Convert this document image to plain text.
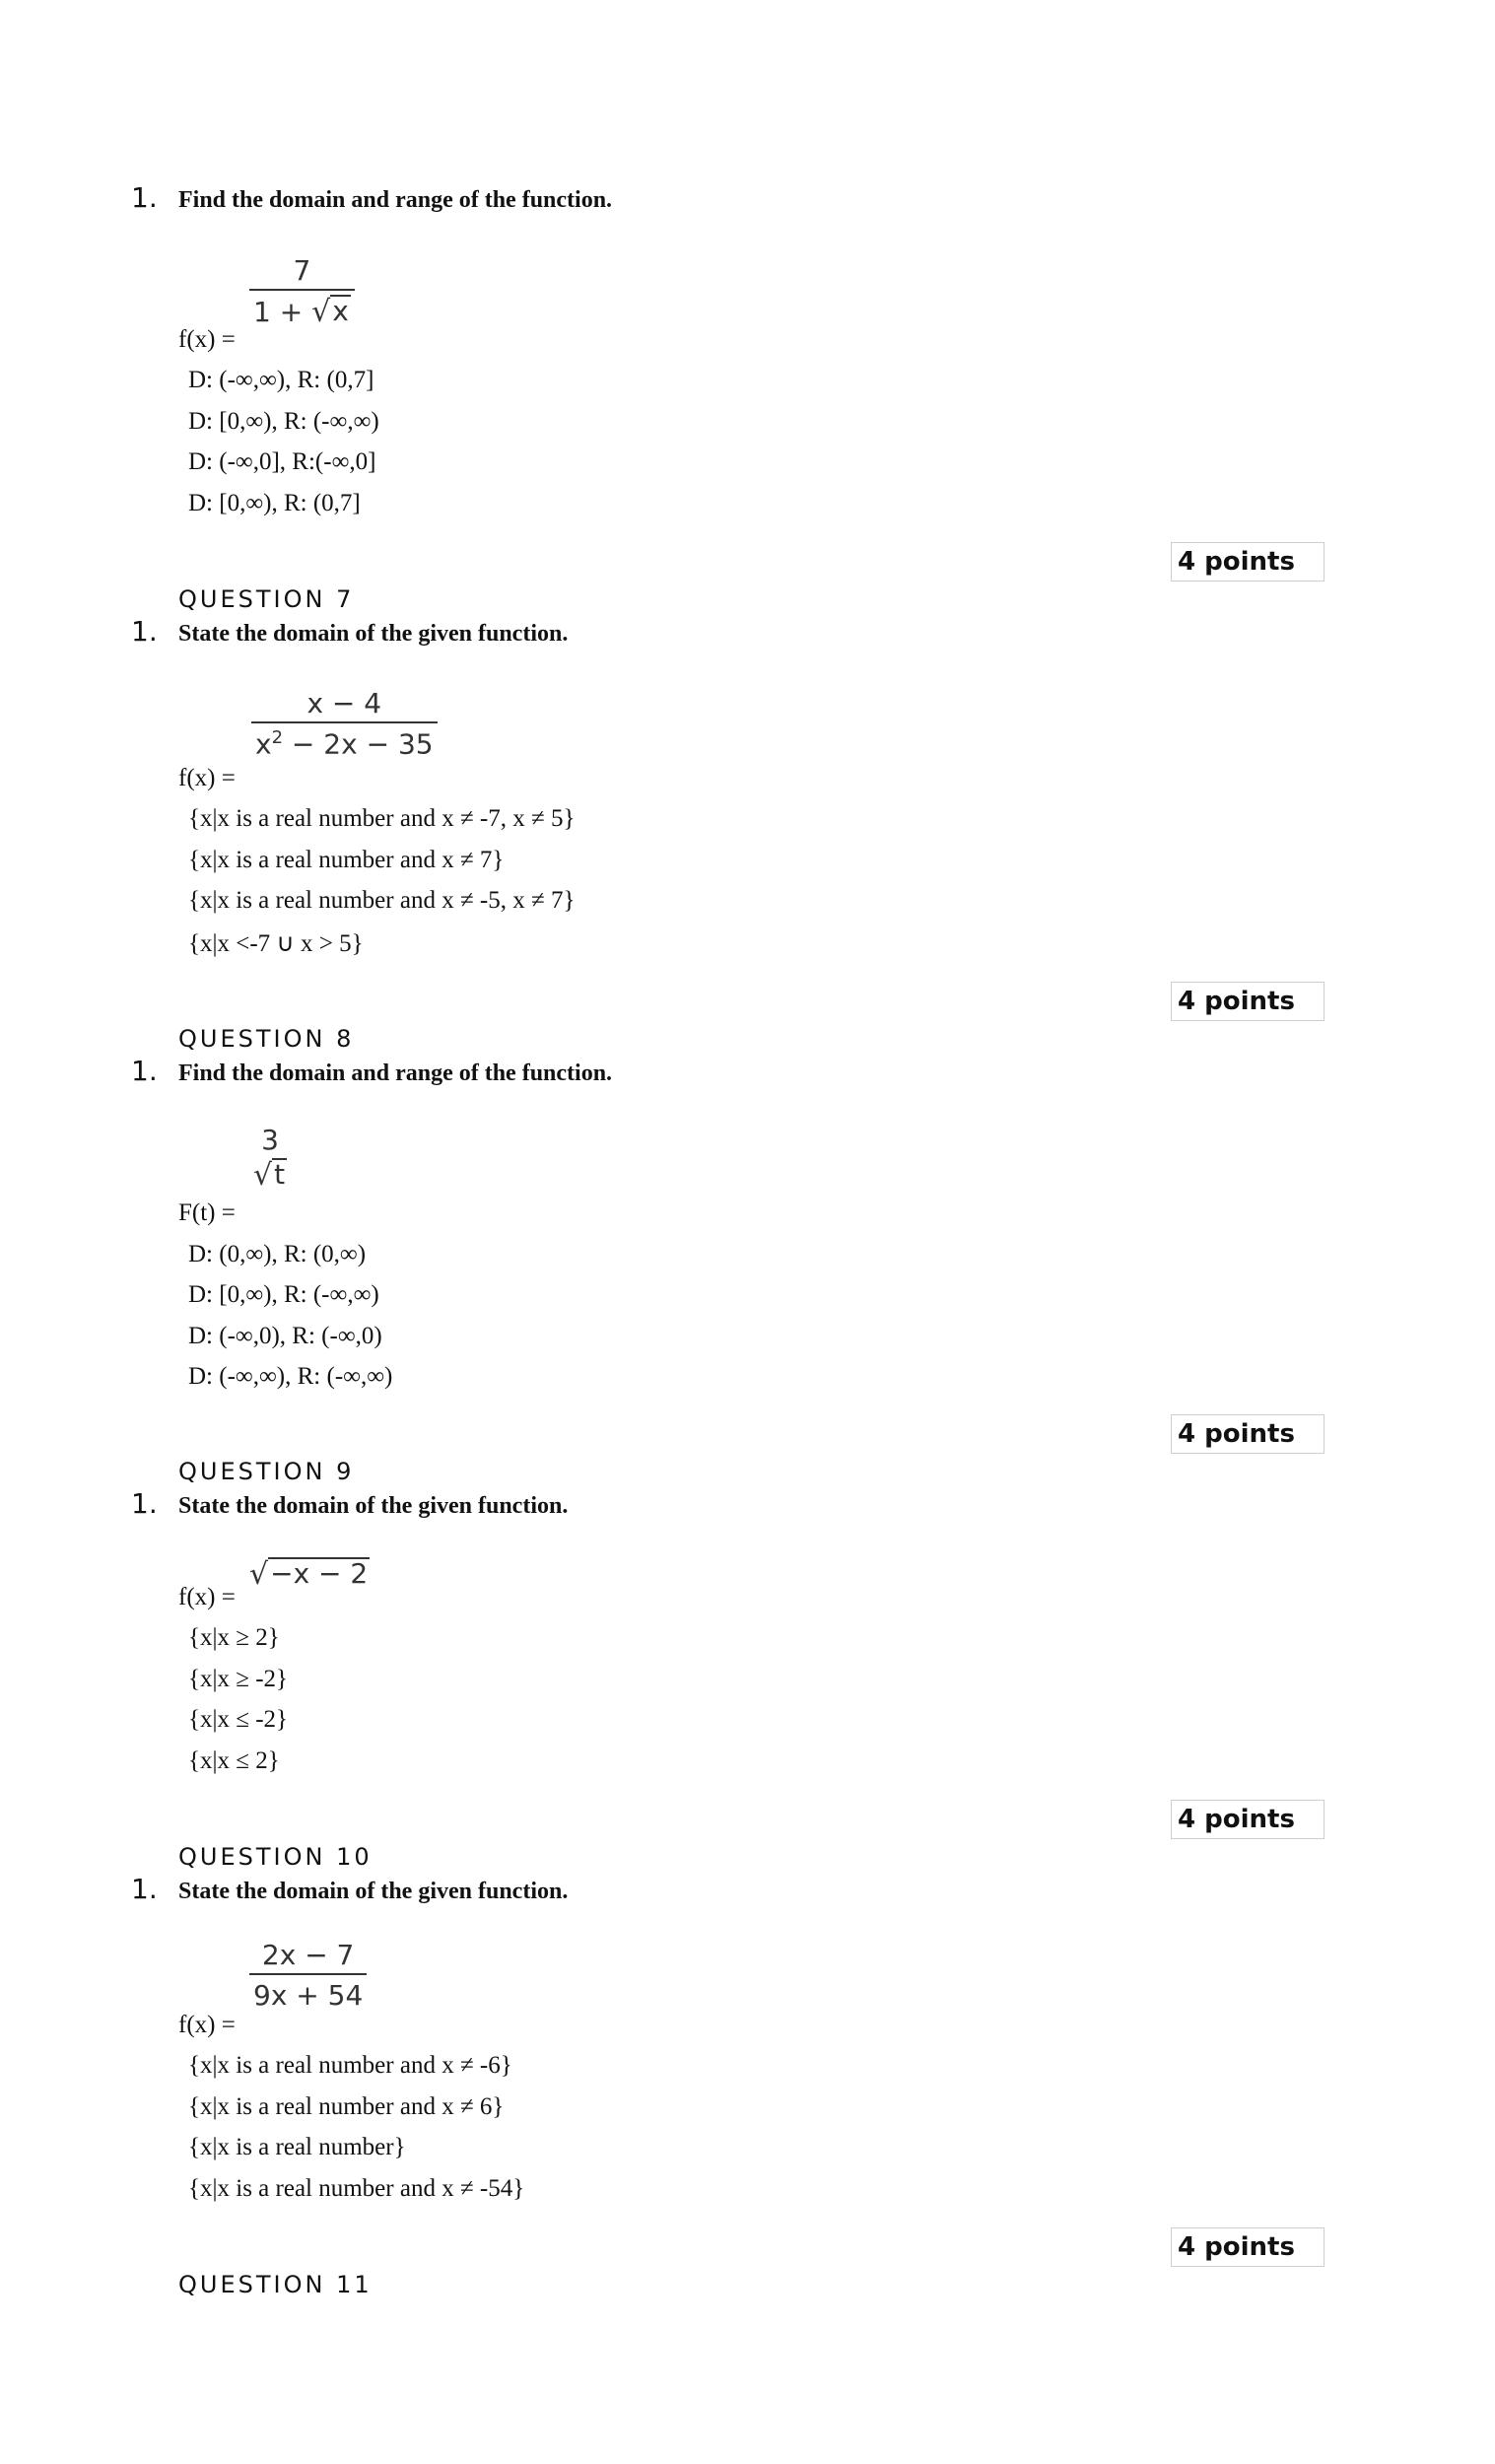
1. Find the domain and range of the function.
$\frac{7}{1 + √ x}$
f(x) =
D: (-∞,∞), R: (0,7]
D: [0,∞), R: (-∞,∞)
D: (-∞,0], R:(-∞,0]
D: [0,∞), R: (0,7]
4 points
QUESTION 7
1. State the domain of the given function.
$\frac{x - 4}{x^2 - 2x - 35}$
f(x) =
{x|x is a real number and x ≠ -7, x ≠ 5}
{x|x is a real number and x ≠ 7}
{x|x is a real number and x ≠ -5, x ≠ 7}
{x|x <-7 ∪ x > 5}
4 points
QUESTION 8
1. Find the domain and range of the function.
3
√ t
F(t) =
D: (0,∞), R: (0,∞)
D: [0,∞), R: (-∞,∞)
D: (-∞,0), R: (-∞,0)
D: (-∞,∞), R: (-∞,∞)
4 points
QUESTION 9
1. State the domain of the given function.
f(x) =
√ −x − 2
{x|x ≥ 2}
{x|x ≥ -2}
{x|x ≤ -2}
{x|x ≤ 2}
4 points
QUESTION 10
1. State the domain of the given function.
$\frac{2x - 7}{9x + 54}$
f(x) =
{x|x is a real number and x ≠ -6}
{x|x is a real number and x ≠ 6}
{x|x is a real number}
{x|x is a real number and x ≠ -54}
4 points
QUESTION 11
